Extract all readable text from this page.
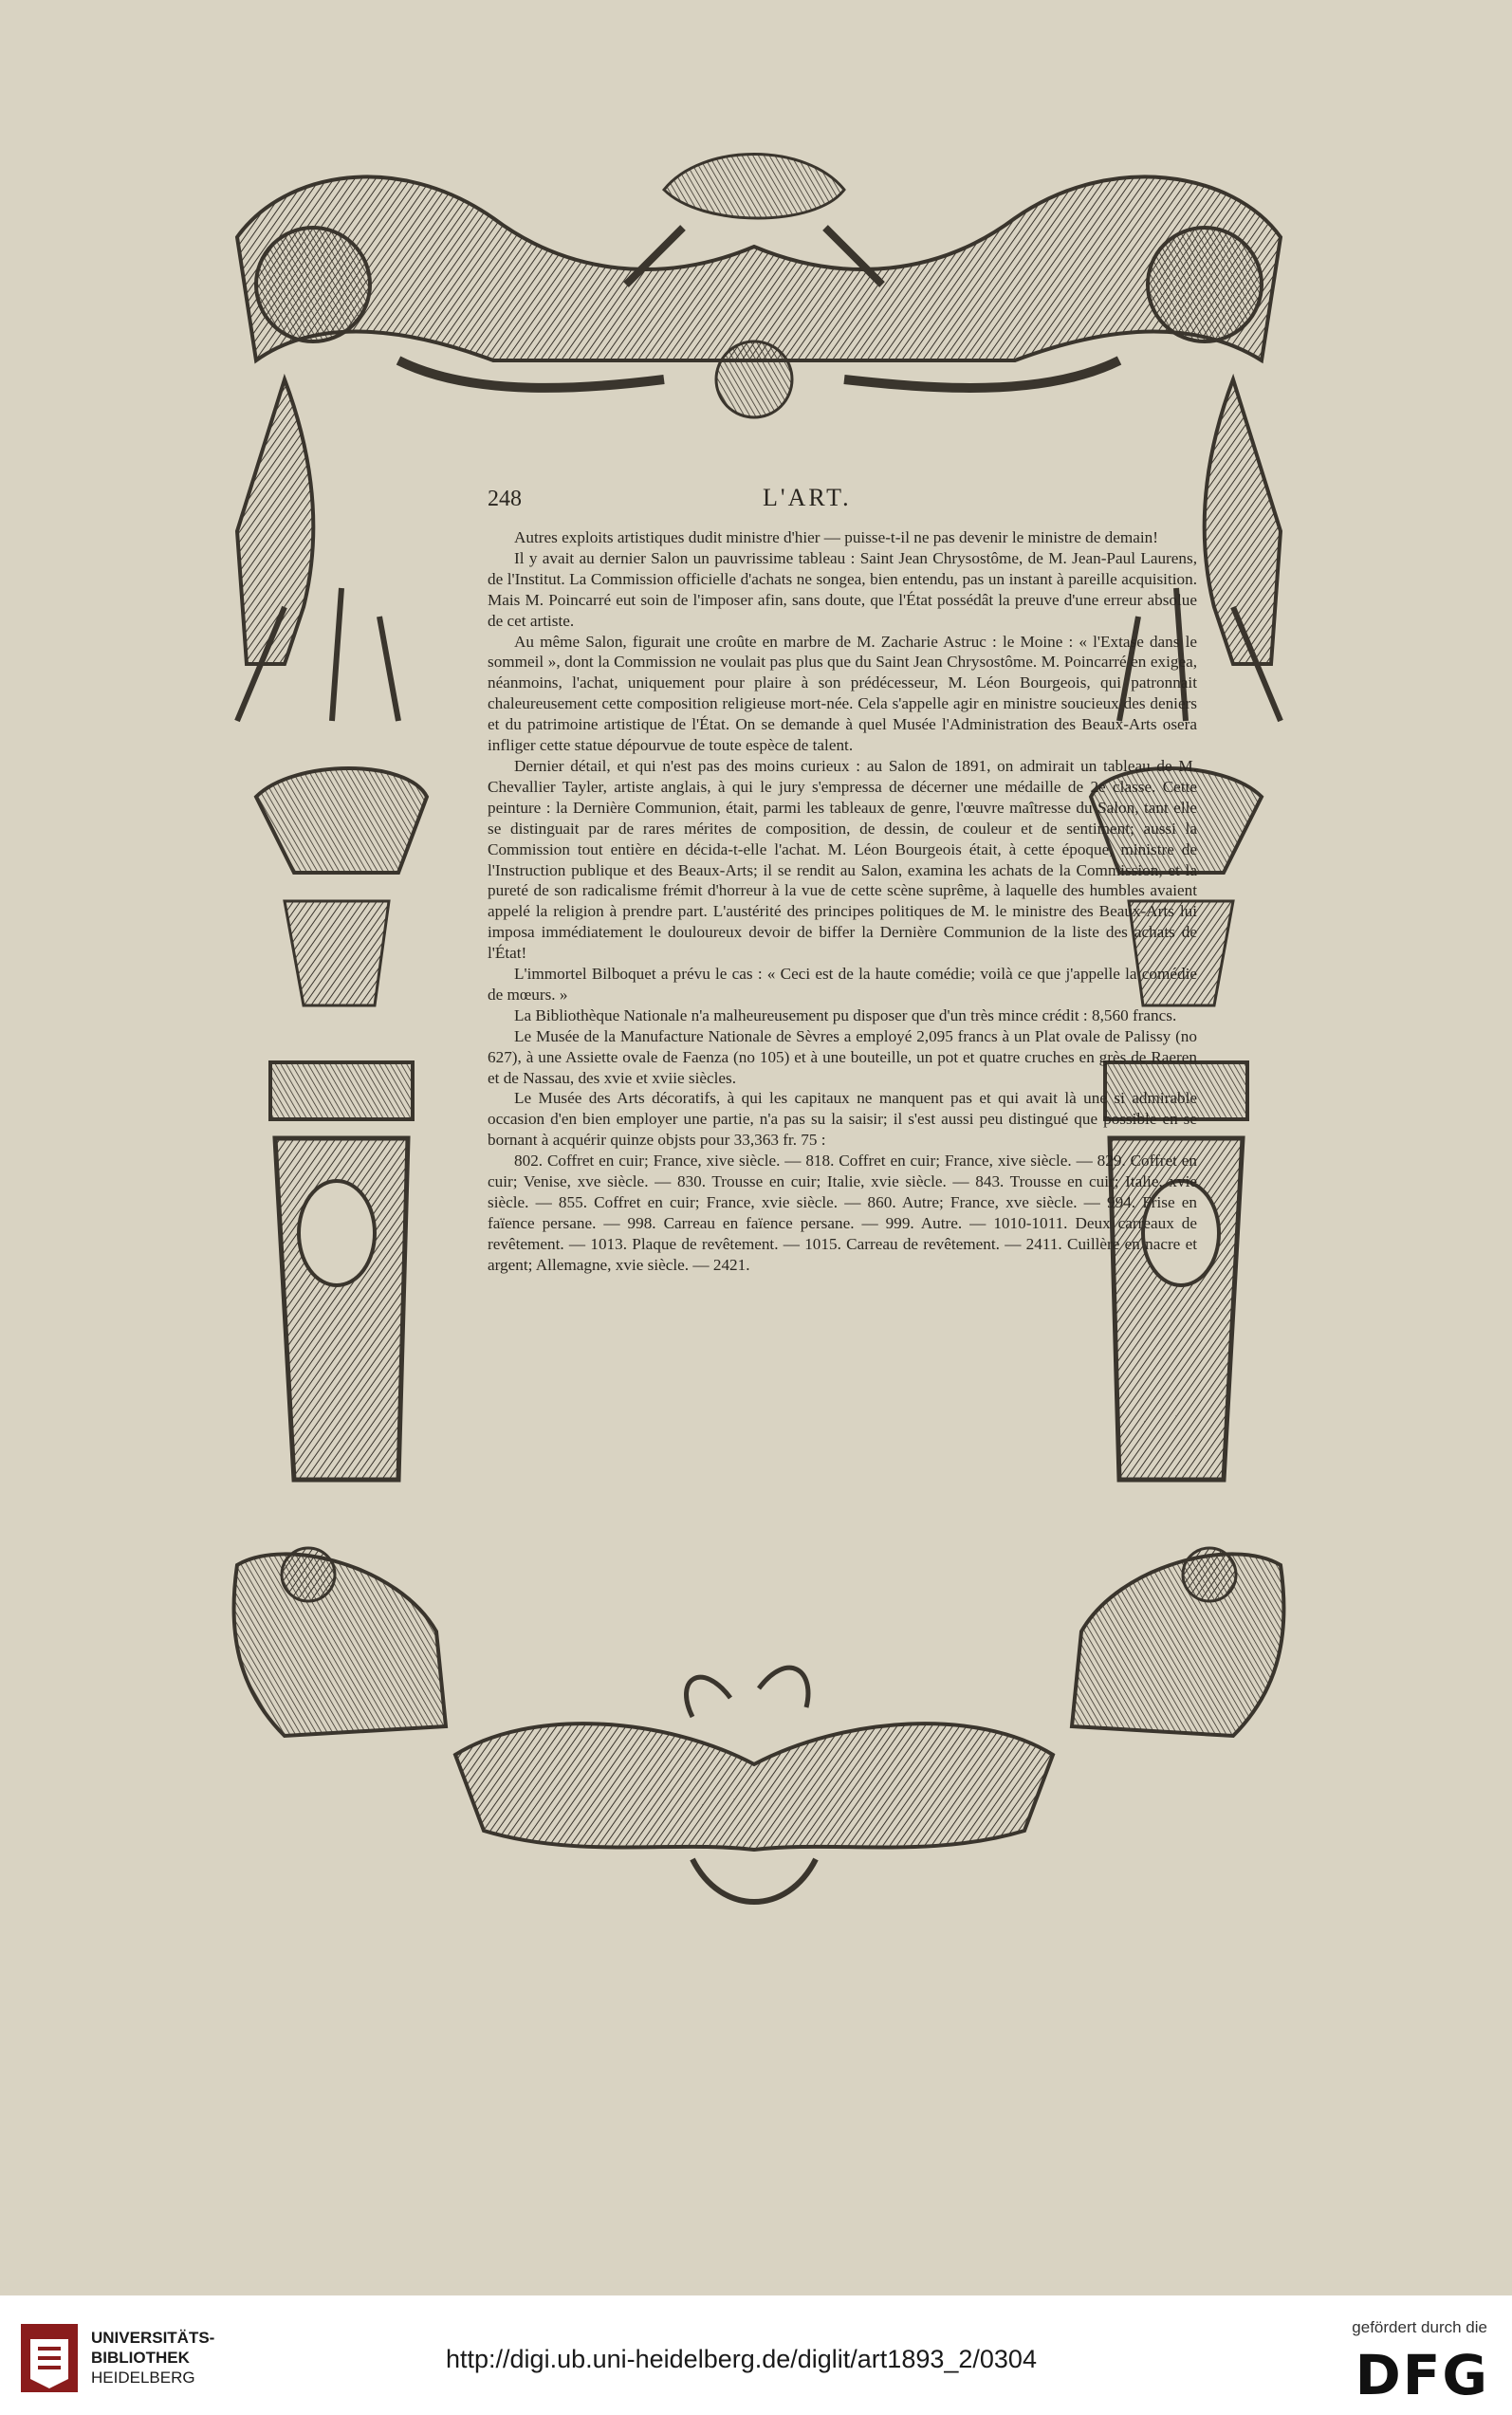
248	L'ART.

Autres exploits artistiques dudit ministre d'hier — puisse-t-il ne pas devenir le ministre de demain!

Il y avait au dernier Salon un pauvrissime tableau : Saint Jean Chrysostôme, de M. Jean-Paul Laurens, de l'Institut. La Commission officielle d'achats ne songea, bien entendu, pas un instant à pareille acquisition. Mais M. Poincarré eut soin de l'imposer afin, sans doute, que l'État possédât la preuve d'une erreur absolue de cet artiste.

Au même Salon, figurait une croûte en marbre de M. Zacharie Astruc : le Moine : « l'Extase dans le sommeil », dont la Commission ne voulait pas plus que du Saint Jean Chrysostôme. M. Poincarré en exigea, néanmoins, l'achat, uniquement pour plaire à son prédécesseur, M. Léon Bourgeois, qui patronnait chaleureusement cette composition religieuse mort-née. Cela s'appelle agir en ministre soucieux des deniers et du patrimoine artistique de l'État. On se demande à quel Musée l'Administration des Beaux-Arts osera infliger cette statue dépourvue de toute espèce de talent.

Dernier détail, et qui n'est pas des moins curieux : au Salon de 1891, on admirait un tableau de M. Chevallier Tayler, artiste anglais, à qui le jury s'empressa de décerner une médaille de 2e classe. Cette peinture : la Dernière Communion, était, parmi les tableaux de genre, l'œuvre maîtresse du Salon, tant elle se distinguait par de rares mérites de composition, de dessin, de couleur et de sentiment; aussi la Commission tout entière en décida-t-elle l'achat. M. Léon Bourgeois était, à cette époque, ministre de l'Instruction publique et des Beaux-Arts; il se rendit au Salon, examina les achats de la Commission, et la pureté de son radicalisme frémit d'horreur à la vue de cette scène suprême, à laquelle des humbles avaient appelé la religion à prendre part. L'austérité des principes politiques de M. le ministre des Beaux-Arts lui imposa immédiatement le douloureux devoir de biffer la Dernière Communion de la liste des achats de l'État!

L'immortel Bilboquet a prévu le cas : « Ceci est de la haute comédie; voilà ce que j'appelle la comédie de mœurs. »

La Bibliothèque Nationale n'a malheureusement pu disposer que d'un très mince crédit : 8,560 francs.

Le Musée de la Manufacture Nationale de Sèvres a employé 2,095 francs à un Plat ovale de Palissy (no 627), à une Assiette ovale de Faenza (no 105) et à une bouteille, un pot et quatre cruches en grès de Raeren et de Nassau, des xvie et xviie siècles.

Le Musée des Arts décoratifs, à qui les capitaux ne manquent pas et qui avait là une si admirable occasion d'en bien employer une partie, n'a pas su la saisir; il s'est aussi peu distingué que possible en se bornant à acquérir quinze objsts pour 33,363 fr. 75 :

802. Coffret en cuir; France, xive siècle. — 818. Coffret en cuir; France, xive siècle. — 829. Coffret en cuir; Venise, xve siècle. — 830. Trousse en cuir; Italie, xvie siècle. — 843. Trousse en cuir; Italie, xvie siècle. — 855. Coffret en cuir; France, xvie siècle. — 860. Autre; France, xve siècle. — 994. Frise en faïence persane. — 998. Carreau en faïence persane. — 999. Autre. — 1010-1011. Deux carreaux de revêtement. — 1013. Plaque de revêtement. — 1015. Carreau de revêtement. — 2411. Cuillère en nacre et argent; Allemagne, xvie siècle. — 2421.

UNIVERSITÄTS-
BIBLIOTHEK
HEIDELBERG
http://digi.ub.uni-heidelberg.de/diglit/art1893_2/0304
gefördert durch die
DFG
